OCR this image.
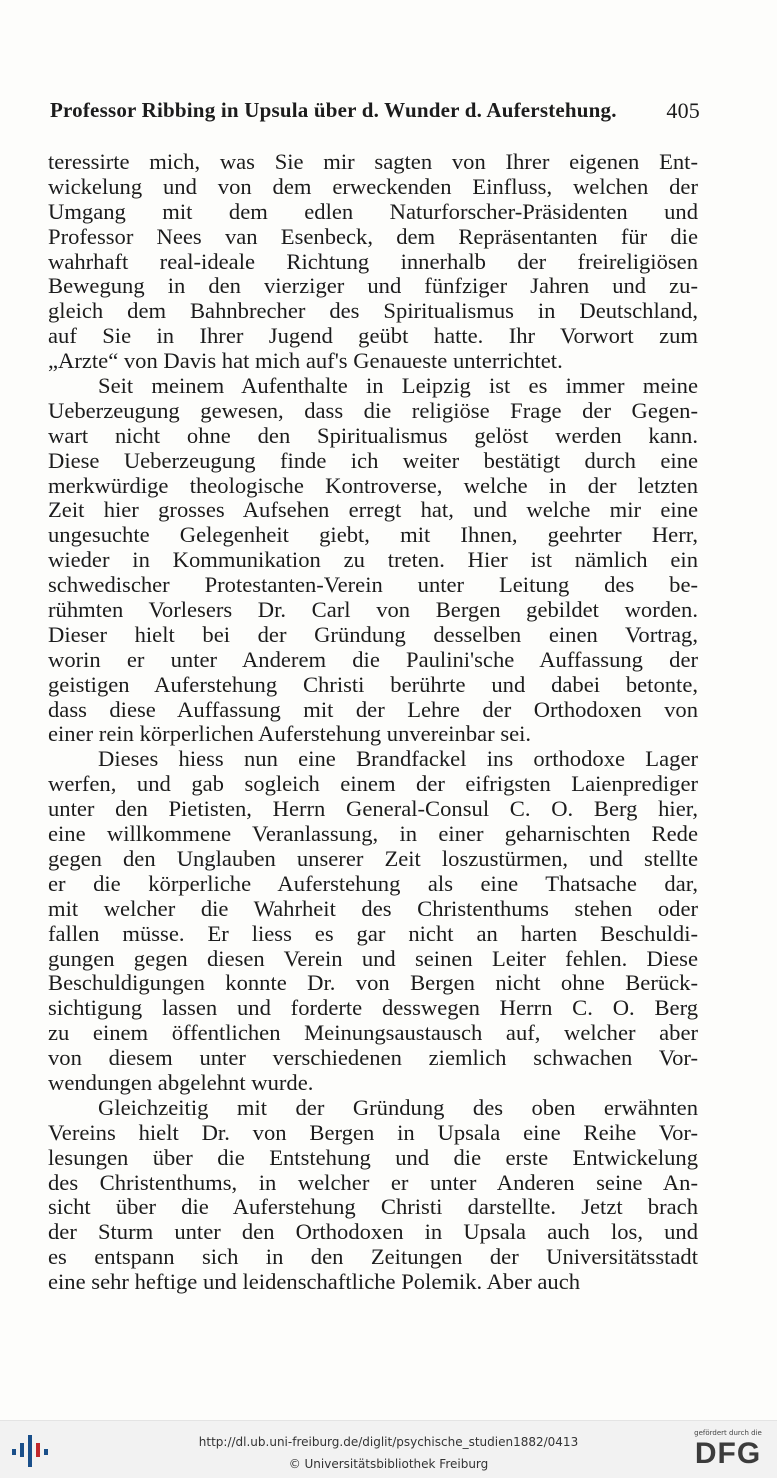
Professor Ribbing in Upsula über d. Wunder d. Auferstehung. 405
teressirte mich, was Sie mir sagten von Ihrer eigenen Ent-
wickelung und von dem erweckenden Einfluss, welchen der
Umgang mit dem edlen Naturforscher-Präsidenten und
Professor Nees van Esenbeck, dem Repräsentanten für die
wahrhaft real-ideale Richtung innerhalb der freireligiösen
Bewegung in den vierziger und fünfziger Jahren und zu-
gleich dem Bahnbrecher des Spiritualismus in Deutschland,
auf Sie in Ihrer Jugend geübt hatte. Ihr Vorwort zum
„Arzte“ von Davis hat mich auf's Genaueste unterrichtet.
Seit meinem Aufenthalte in Leipzig ist es immer meine
Ueberzeugung gewesen, dass die religiöse Frage der Gegen-
wart nicht ohne den Spiritualismus gelöst werden kann.
Diese Ueberzeugung finde ich weiter bestätigt durch eine
merkwürdige theologische Kontroverse, welche in der letzten
Zeit hier grosses Aufsehen erregt hat, und welche mir eine
ungesuchte Gelegenheit giebt, mit Ihnen, geehrter Herr,
wieder in Kommunikation zu treten. Hier ist nämlich ein
schwedischer Protestanten-Verein unter Leitung des be-
rühmten Vorlesers Dr. Carl von Bergen gebildet worden.
Dieser hielt bei der Gründung desselben einen Vortrag,
worin er unter Anderem die Paulini'sche Auffassung der
geistigen Auferstehung Christi berührte und dabei betonte,
dass diese Auffassung mit der Lehre der Orthodoxen von
einer rein körperlichen Auferstehung unvereinbar sei.
Dieses hiess nun eine Brandfackel ins orthodoxe Lager
werfen, und gab sogleich einem der eifrigsten Laienprediger
unter den Pietisten, Herrn General-Consul C. O. Berg hier,
eine willkommene Veranlassung, in einer geharnischten Rede
gegen den Unglauben unserer Zeit loszustürmen, und stellte
er die körperliche Auferstehung als eine Thatsache dar,
mit welcher die Wahrheit des Christenthums stehen oder
fallen müsse. Er liess es gar nicht an harten Beschuldi-
gungen gegen diesen Verein und seinen Leiter fehlen. Diese
Beschuldigungen konnte Dr. von Bergen nicht ohne Berück-
sichtigung lassen und forderte desswegen Herrn C. O. Berg
zu einem öffentlichen Meinungsaustausch auf, welcher aber
von diesem unter verschiedenen ziemlich schwachen Vor-
wendungen abgelehnt wurde.
Gleichzeitig mit der Gründung des oben erwähnten
Vereins hielt Dr. von Bergen in Upsala eine Reihe Vor-
lesungen über die Entstehung und die erste Entwickelung
des Christenthums, in welcher er unter Anderen seine An-
sicht über die Auferstehung Christi darstellte. Jetzt brach
der Sturm unter den Orthodoxen in Upsala auch los, und
es entspann sich in den Zeitungen der Universitätsstadt
eine sehr heftige und leidenschaftliche Polemik. Aber auch
http://dl.ub.uni-freiburg.de/diglit/psychische_studien1882/0413
© Universitätsbibliothek Freiburg
gefördert durch die
DFG
